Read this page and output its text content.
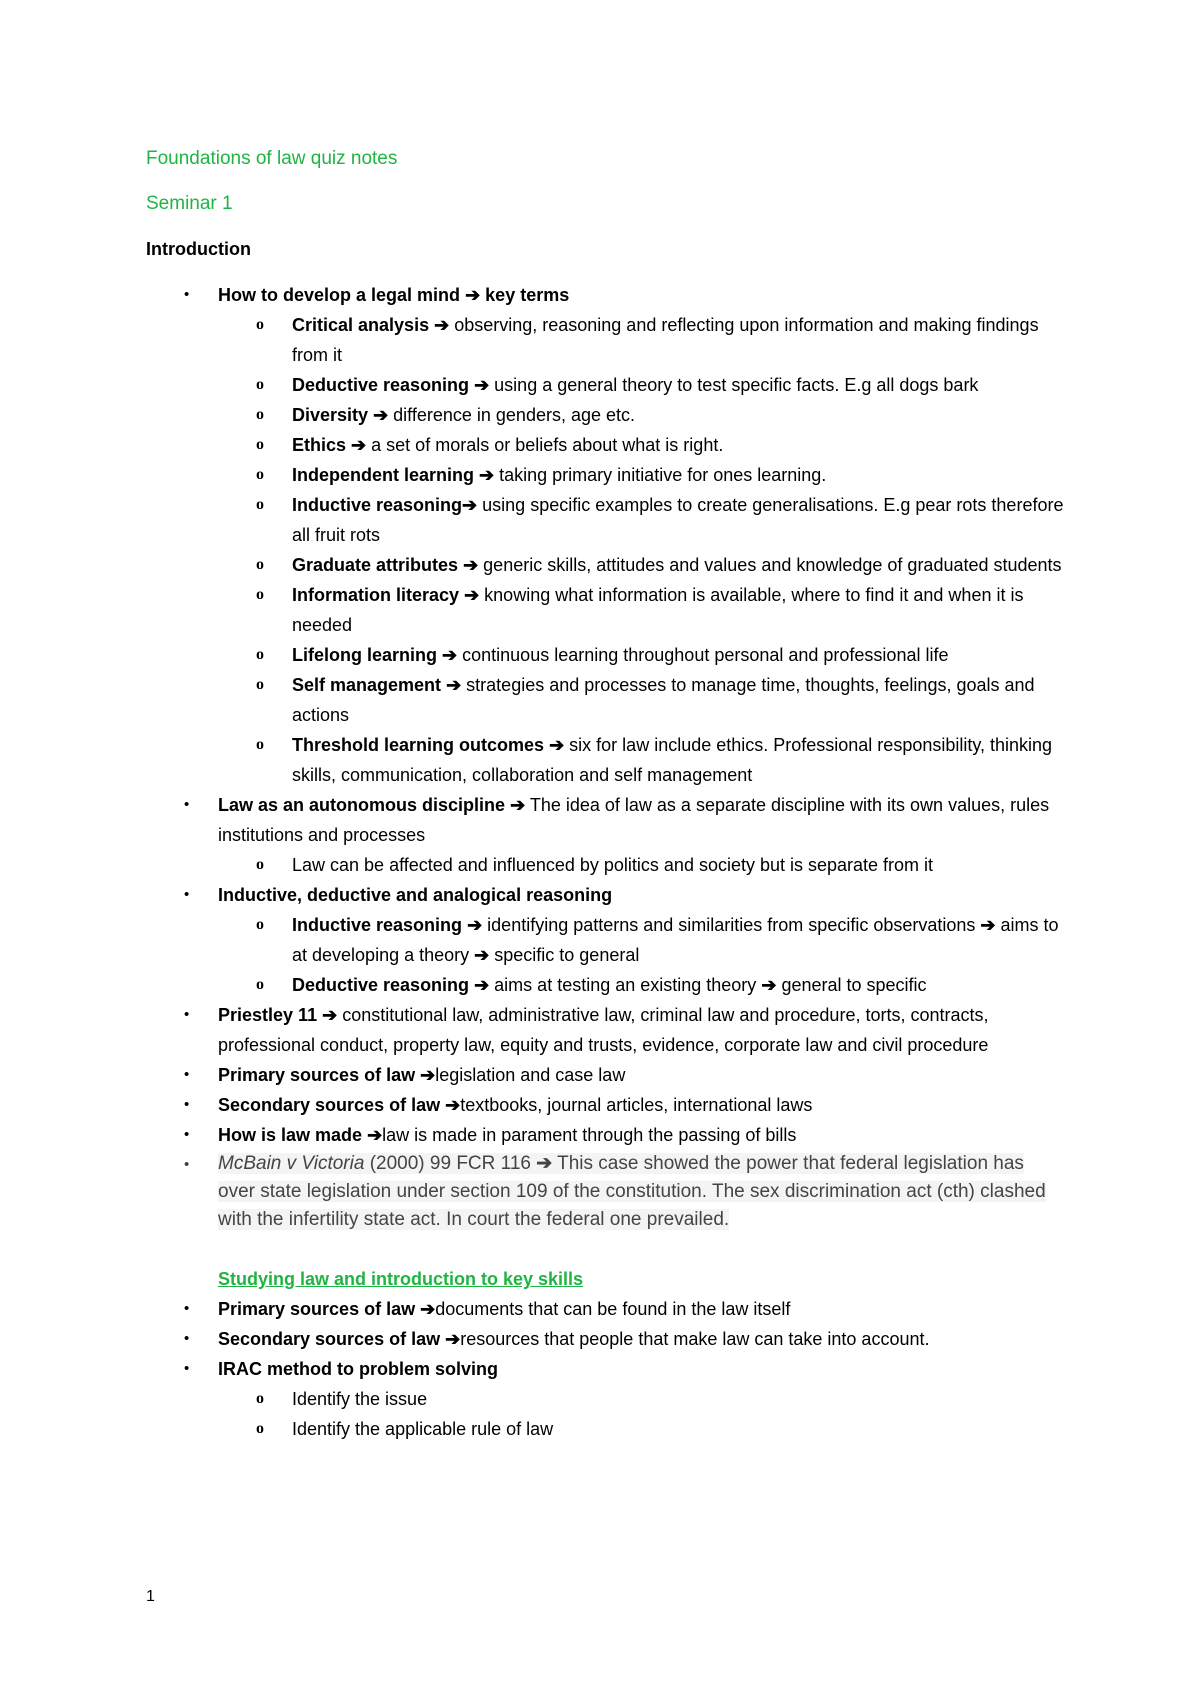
Foundations of law quiz notes
Seminar 1
Introduction
• How to develop a legal mind ➔ key terms
o Critical analysis ➔ observing, reasoning and reflecting upon information and making findings from it
o Deductive reasoning ➔ using a general theory to test specific facts. E.g all dogs bark
o Diversity ➔ difference in genders, age etc.
o Ethics ➔ a set of morals or beliefs about what is right.
o Independent learning ➔ taking primary initiative for ones learning.
o Inductive reasoning➔ using specific examples to create generalisations. E.g pear rots therefore all fruit rots
o Graduate attributes ➔ generic skills, attitudes and values and knowledge of graduated students
o Information literacy ➔ knowing what information is available, where to find it and when it is needed
o Lifelong learning ➔ continuous learning throughout personal and professional life
o Self management ➔ strategies and processes to manage time, thoughts, feelings, goals and actions
o Threshold learning outcomes ➔ six for law include ethics. Professional responsibility, thinking skills, communication, collaboration and self management
• Law as an autonomous discipline ➔ The idea of law as a separate discipline with its own values, rules institutions and processes
o Law can be affected and influenced by politics and society but is separate from it
• Inductive, deductive and analogical reasoning
o Inductive reasoning ➔ identifying patterns and similarities from specific observations ➔ aims to at developing a theory ➔ specific to general
o Deductive reasoning ➔ aims at testing an existing theory ➔ general to specific
• Priestley 11 ➔ constitutional law, administrative law, criminal law and procedure, torts, contracts, professional conduct, property law, equity and trusts, evidence, corporate law and civil procedure
• Primary sources of law ➔legislation and case law
• Secondary sources of law ➔textbooks, journal articles, international laws
• How is law made ➔law is made in parament through the passing of bills
• McBain v Victoria (2000) 99 FCR 116 ➔ This case showed the power that federal legislation has over state legislation under section 109 of the constitution. The sex discrimination act (cth) clashed with the infertility state act. In court the federal one prevailed.
Studying law and introduction to key skills
• Primary sources of law ➔documents that can be found in the law itself
• Secondary sources of law ➔resources that people that make law can take into account.
• IRAC method to problem solving
o Identify the issue
o Identify the applicable rule of law
1
